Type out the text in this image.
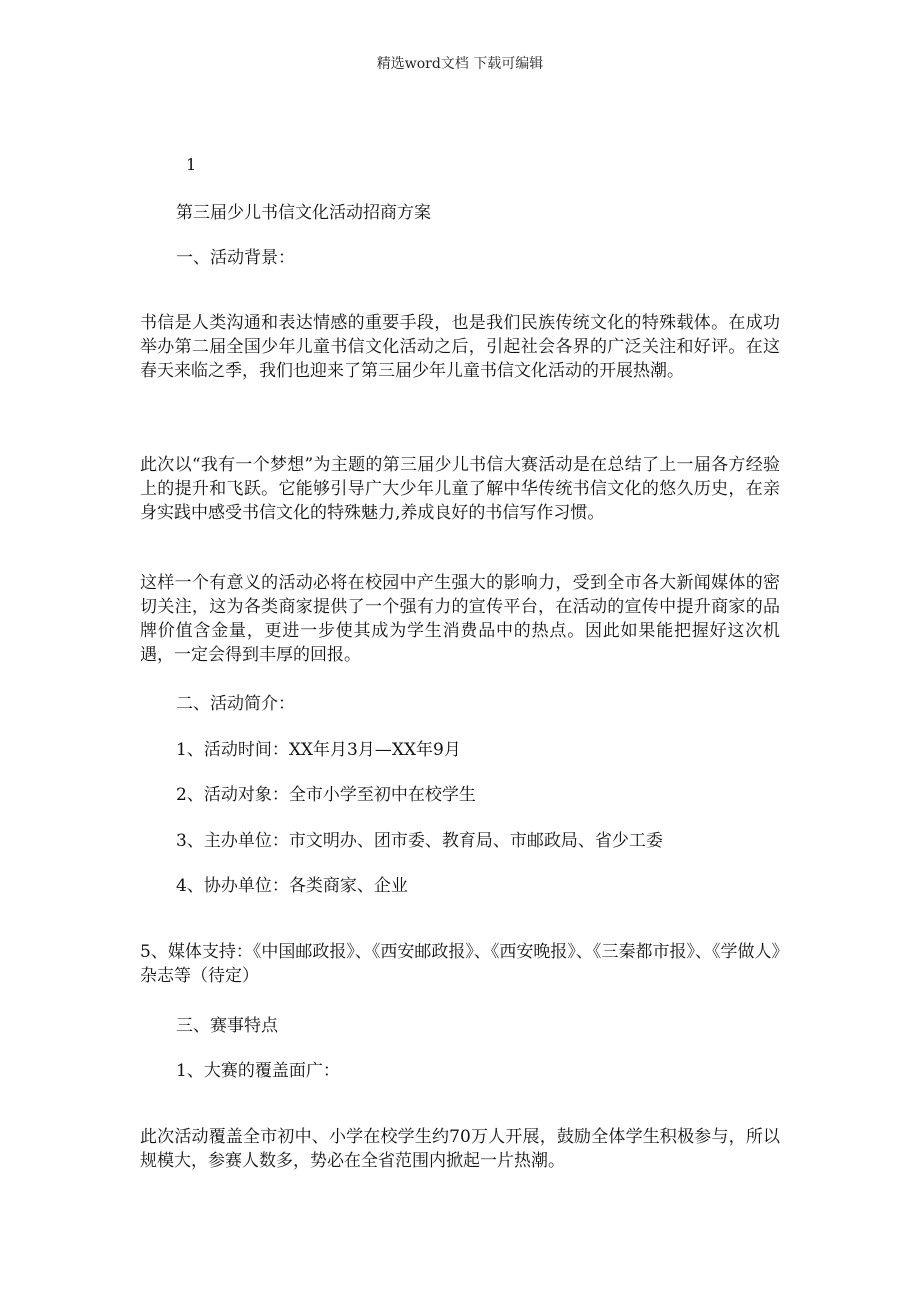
精选word文档 下载可编辑
1
第三届少儿书信文化活动招商方案
一、活动背景：
书信是人类沟通和表达情感的重要手段，也是我们民族传统文化的特殊载体。在成功举办第二届全国少年儿童书信文化活动之后，引起社会各界的广泛关注和好评。在这春天来临之季，我们也迎来了第三届少年儿童书信文化活动的开展热潮。
此次以“我有一个梦想”为主题的第三届少儿书信大赛活动是在总结了上一届各方经验上的提升和飞跃。它能够引导广大少年儿童了解中华传统书信文化的悠久历史，在亲身实践中感受书信文化的特殊魅力,养成良好的书信写作习惯。
这样一个有意义的活动必将在校园中产生强大的影响力，受到全市各大新闻媒体的密切关注，这为各类商家提供了一个强有力的宣传平台，在活动的宣传中提升商家的品牌价值含金量，更进一步使其成为学生消费品中的热点。因此如果能把握好这次机遇，一定会得到丰厚的回报。
二、活动简介：
1、活动时间：XX年月3月—XX年9月
2、活动对象：全市小学至初中在校学生
3、主办单位：市文明办、团市委、教育局、市邮政局、省少工委
4、协办单位：各类商家、企业
5、媒体支持：《中国邮政报》、《西安邮政报》、《西安晚报》、《三秦都市报》、《学做人》杂志等（待定）
三、赛事特点
1、大赛的覆盖面广：
此次活动覆盖全市初中、小学在校学生约70万人开展，鼓励全体学生积极参与，所以规模大，参赛人数多，势必在全省范围内掀起一片热潮。
